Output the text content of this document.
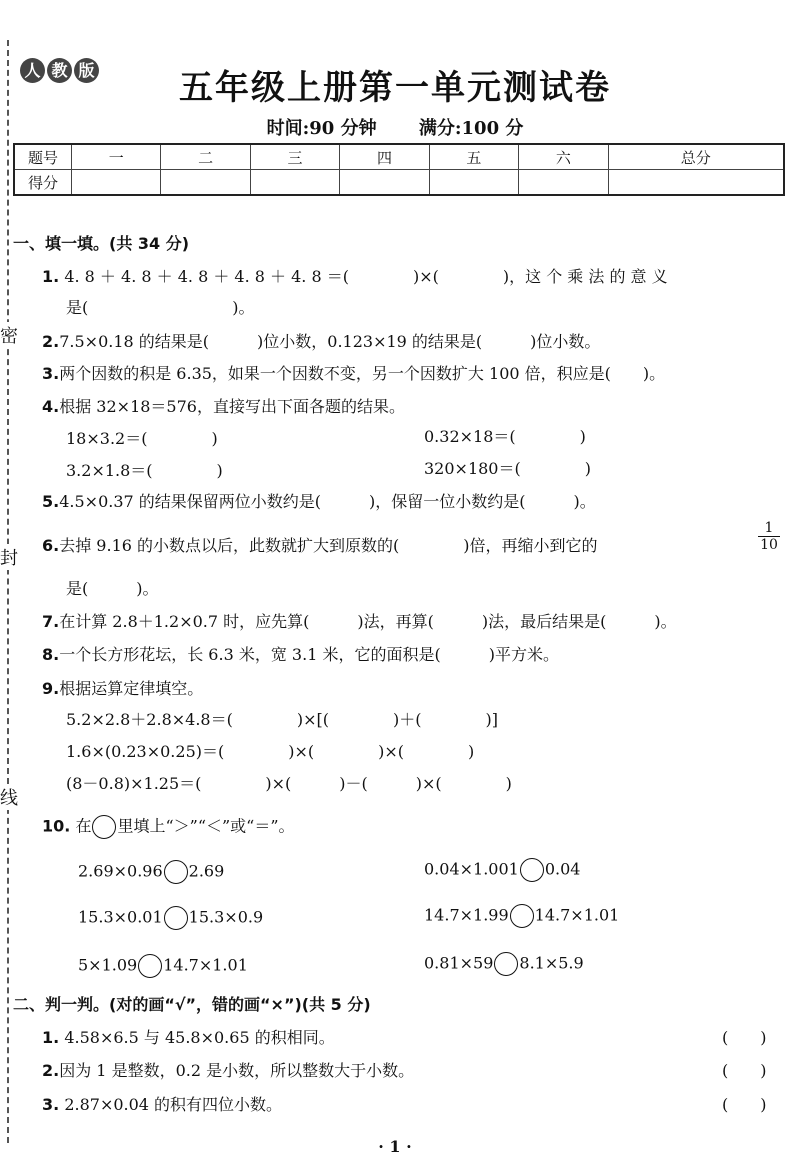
密
封
线
人 教 版	五年级上册第一单元测试卷
时间:90 分钟 满分:100 分
题号	一	二	三	四	五	六	总分
得分							
一、填一填。(共 34 分)
1. 4. 8 ＋ 4. 8 ＋ 4. 8 ＋ 4. 8 ＋ 4. 8 ＝(　　　　)×(　　　　)，这 个 乘 法 的 意 义
是(　　　　　　　　　)。
2.7.5×0.18 的结果是(　　　)位小数，0.123×19 的结果是(　　　)位小数。
3.两个因数的积是 6.35，如果一个因数不变，另一个因数扩大 100 倍，积应是(　　)。
4.根据 32×18＝576，直接写出下面各题的结果。
18×3.2＝(　　　　)	0.32×18＝(　　　　)
3.2×1.8＝(　　　　)	320×180＝(　　　　)
5.4.5×0.37 的结果保留两位小数约是(　　　)，保留一位小数约是(　　　)。
6.去掉 9.16 的小数点以后，此数就扩大到原数的(　　　　)倍，再缩小到它的	$\frac{1}{10}$
是(　　　)。
7.在计算 2.8＋1.2×0.7 时，应先算(　　　)法，再算(　　　)法，最后结果是(　　　)。
8.一个长方形花坛，长 6.3 米，宽 3.1 米，它的面积是(　　　)平方米。
9.根据运算定律填空。
5.2×2.8＋2.8×4.8＝(　　　　)×[(　　　　)＋(　　　　)]
1.6×(0.23×0.25)＝(　　　　)×(　　　　)×(　　　　)
(8－0.8)×1.25＝(　　　　)×(　　　)－(　　　)×(　　　　)
10. 在 里填上“＞”“＜”或“＝”。
2.69×0.96 2.69	0.04×1.001 0.04
15.3×0.01 15.3×0.9	14.7×1.99 14.7×1.01
5×1.09 14.7×1.01	0.81×59 8.1×5.9
二、判一判。(对的画“√”，错的画“×”)(共 5 分)
1. 4.58×6.5 与 45.8×0.65 的积相同。	(　　)
2.因为 1 是整数，0.2 是小数，所以整数大于小数。	(　　)
3. 2.87×0.04 的积有四位小数。	(　　)
· 1 ·
